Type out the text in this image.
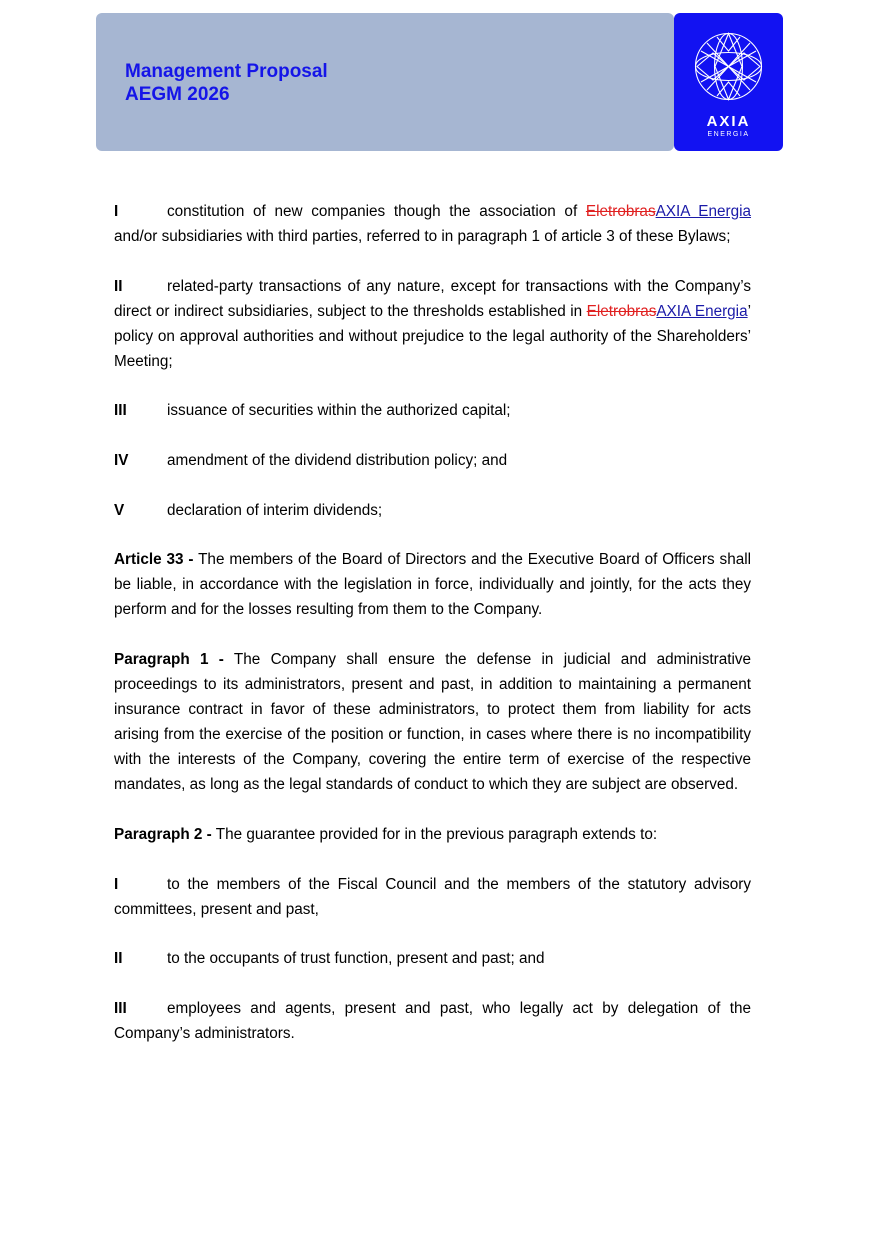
Management Proposal
AEGM 2026
AXIA
ENERGIA

I	constitution of new companies though the association of EletrobrasAXIA Energia and/or subsidiaries with third parties, referred to in paragraph 1 of article 3 of these Bylaws;

II	related-party transactions of any nature, except for transactions with the Company’s direct or indirect subsidiaries, subject to the thresholds established in EletrobrasAXIA Energia’ policy on approval authorities and without prejudice to the legal authority of the Shareholders’ Meeting;

III	issuance of securities within the authorized capital;

IV	amendment of the dividend distribution policy; and

V	declaration of interim dividends;

Article 33 - The members of the Board of Directors and the Executive Board of Officers shall be liable, in accordance with the legislation in force, individually and jointly, for the acts they perform and for the losses resulting from them to the Company.

Paragraph 1 - The Company shall ensure the defense in judicial and administrative proceedings to its administrators, present and past, in addition to maintaining a permanent insurance contract in favor of these administrators, to protect them from liability for acts arising from the exercise of the position or function, in cases where there is no incompatibility with the interests of the Company, covering the entire term of exercise of the respective mandates, as long as the legal standards of conduct to which they are subject are observed.

Paragraph 2 - The guarantee provided for in the previous paragraph extends to:

I	to the members of the Fiscal Council and the members of the statutory advisory committees, present and past,

II	to the occupants of trust function, present and past; and

III	employees and agents, present and past, who legally act by delegation of the Company’s administrators.
